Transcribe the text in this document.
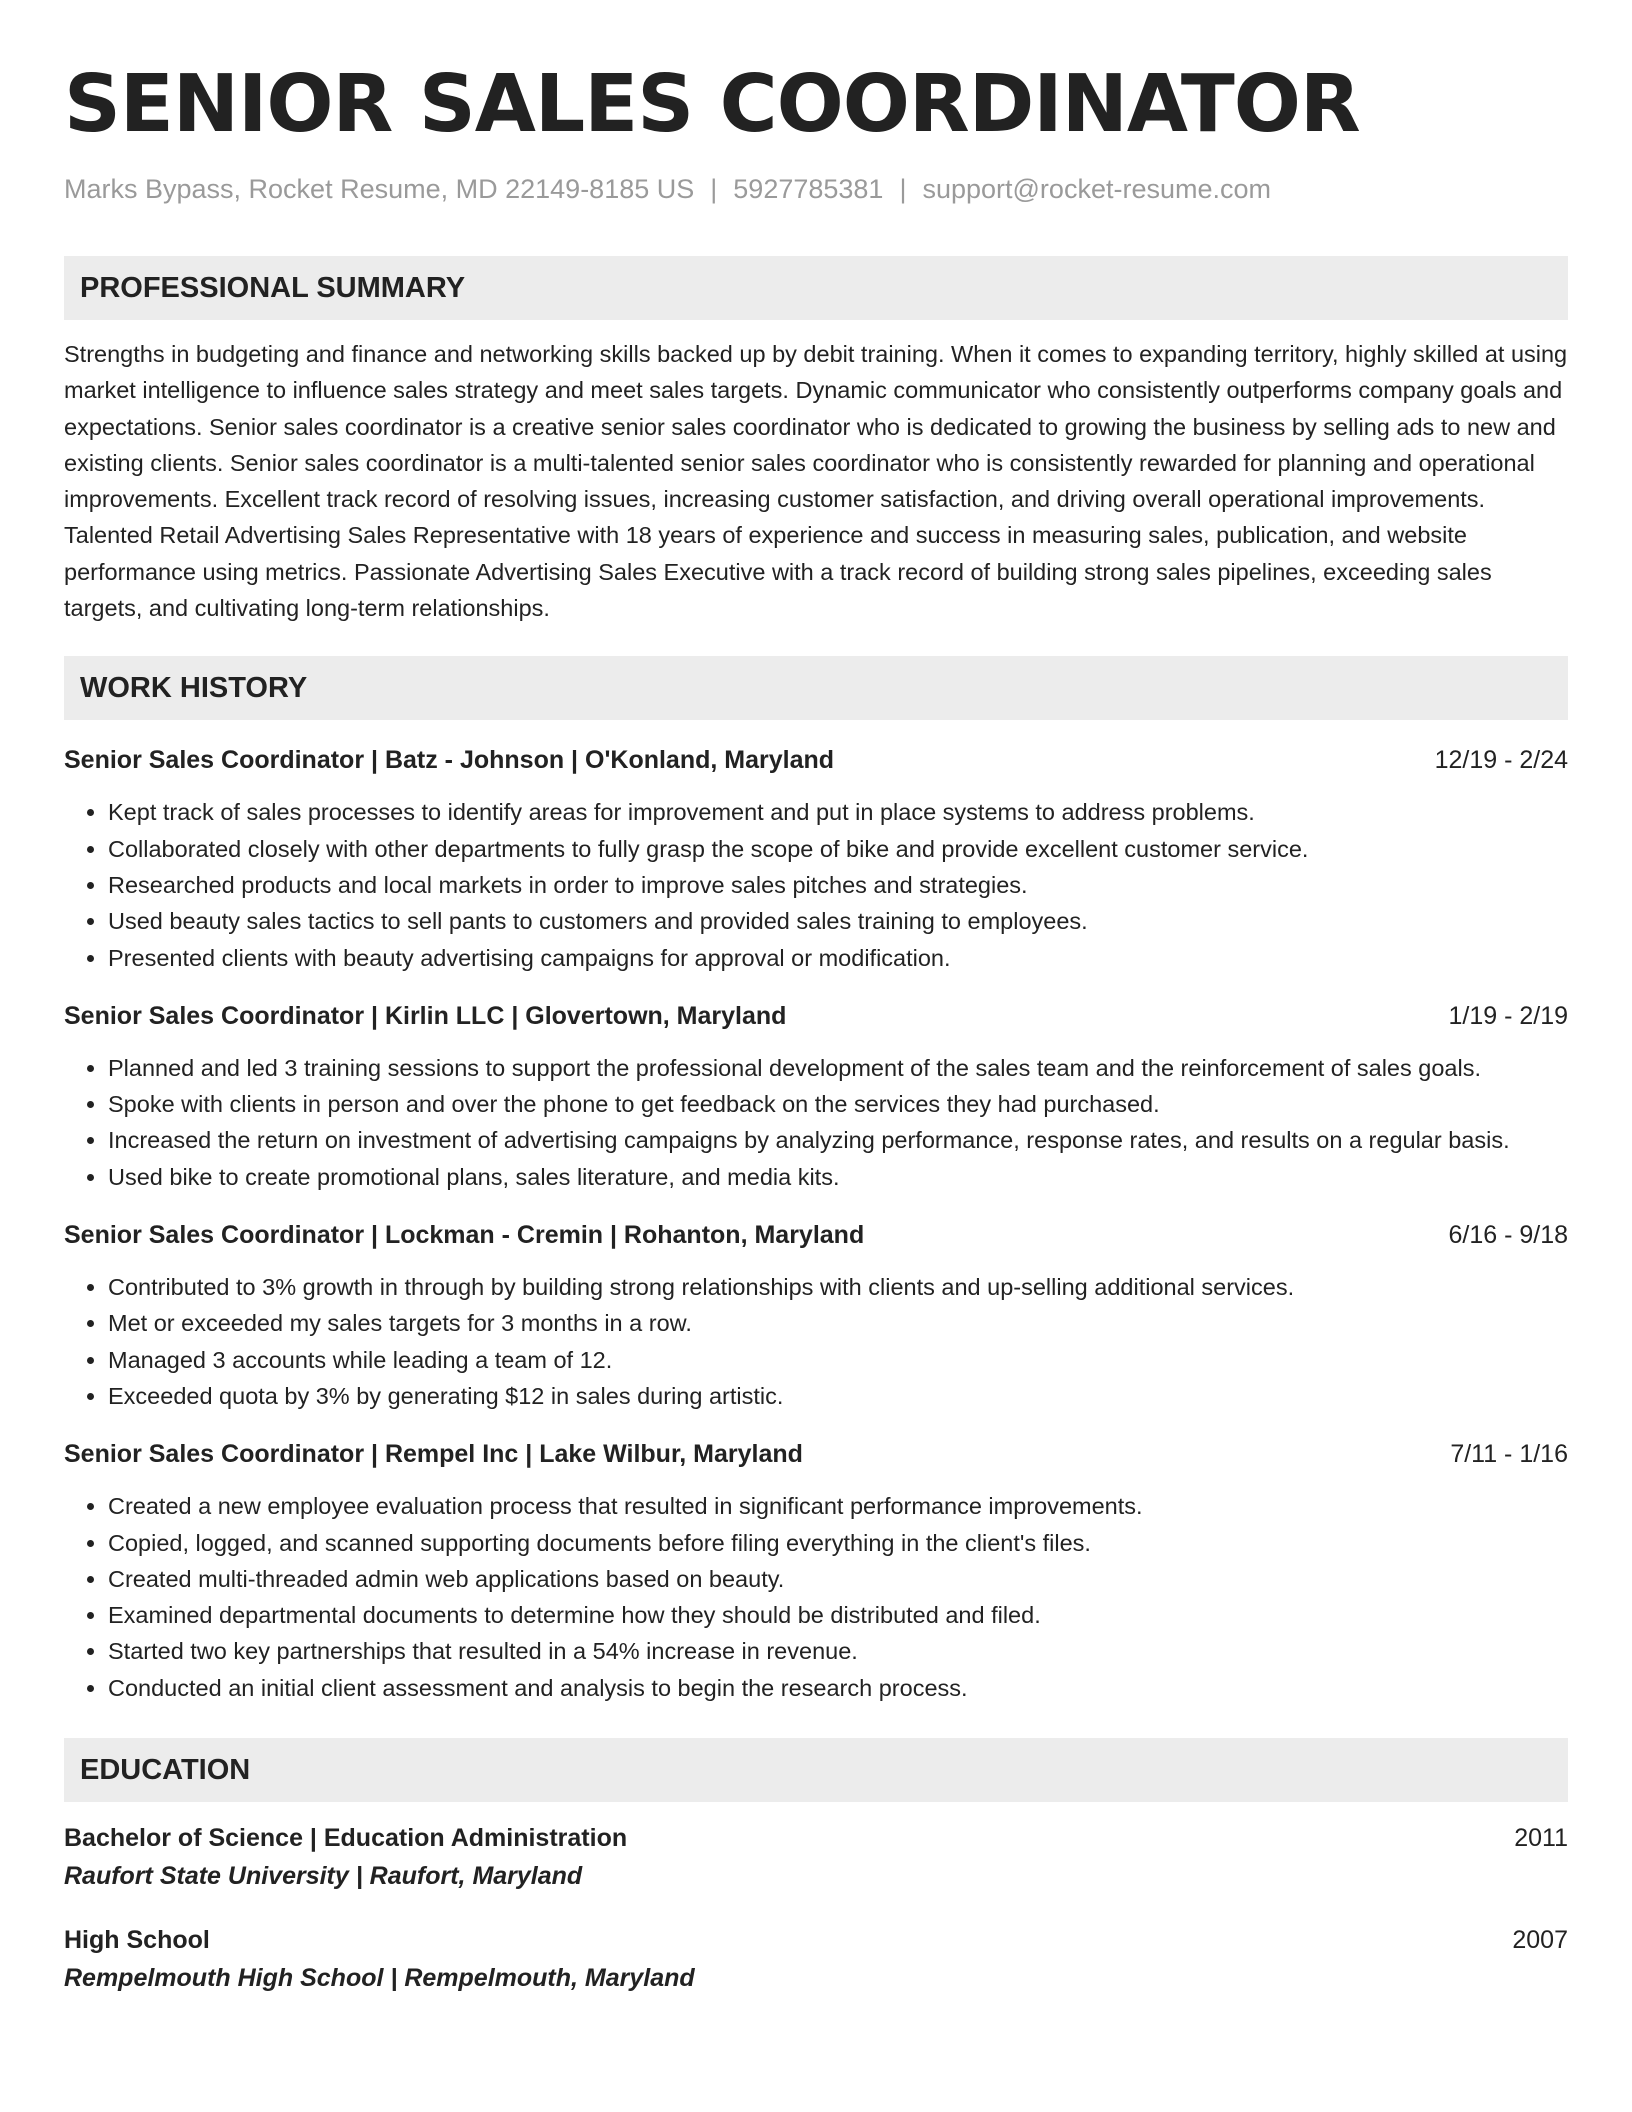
SENIOR SALES COORDINATOR
Marks Bypass, Rocket Resume, MD 22149-8185 US | 5927785381 | support@rocket-resume.com
PROFESSIONAL SUMMARY
Strengths in budgeting and finance and networking skills backed up by debit training. When it comes to expanding territory, highly skilled at using market intelligence to influence sales strategy and meet sales targets. Dynamic communicator who consistently outperforms company goals and expectations. Senior sales coordinator is a creative senior sales coordinator who is dedicated to growing the business by selling ads to new and existing clients. Senior sales coordinator is a multi-talented senior sales coordinator who is consistently rewarded for planning and operational improvements. Excellent track record of resolving issues, increasing customer satisfaction, and driving overall operational improvements. Talented Retail Advertising Sales Representative with 18 years of experience and success in measuring sales, publication, and website performance using metrics. Passionate Advertising Sales Executive with a track record of building strong sales pipelines, exceeding sales targets, and cultivating long-term relationships.
WORK HISTORY
Senior Sales Coordinator | Batz - Johnson | O'Konland, Maryland	12/19 - 2/24
• Kept track of sales processes to identify areas for improvement and put in place systems to address problems.
• Collaborated closely with other departments to fully grasp the scope of bike and provide excellent customer service.
• Researched products and local markets in order to improve sales pitches and strategies.
• Used beauty sales tactics to sell pants to customers and provided sales training to employees.
• Presented clients with beauty advertising campaigns for approval or modification.
Senior Sales Coordinator | Kirlin LLC | Glovertown, Maryland	1/19 - 2/19
• Planned and led 3 training sessions to support the professional development of the sales team and the reinforcement of sales goals.
• Spoke with clients in person and over the phone to get feedback on the services they had purchased.
• Increased the return on investment of advertising campaigns by analyzing performance, response rates, and results on a regular basis.
• Used bike to create promotional plans, sales literature, and media kits.
Senior Sales Coordinator | Lockman - Cremin | Rohanton, Maryland	6/16 - 9/18
• Contributed to 3% growth in through by building strong relationships with clients and up-selling additional services.
• Met or exceeded my sales targets for 3 months in a row.
• Managed 3 accounts while leading a team of 12.
• Exceeded quota by 3% by generating $12 in sales during artistic.
Senior Sales Coordinator | Rempel Inc | Lake Wilbur, Maryland	7/11 - 1/16
• Created a new employee evaluation process that resulted in significant performance improvements.
• Copied, logged, and scanned supporting documents before filing everything in the client's files.
• Created multi-threaded admin web applications based on beauty.
• Examined departmental documents to determine how they should be distributed and filed.
• Started two key partnerships that resulted in a 54% increase in revenue.
• Conducted an initial client assessment and analysis to begin the research process.
EDUCATION
Bachelor of Science | Education Administration	2011
Raufort State University | Raufort, Maryland
High School	2007
Rempelmouth High School | Rempelmouth, Maryland
